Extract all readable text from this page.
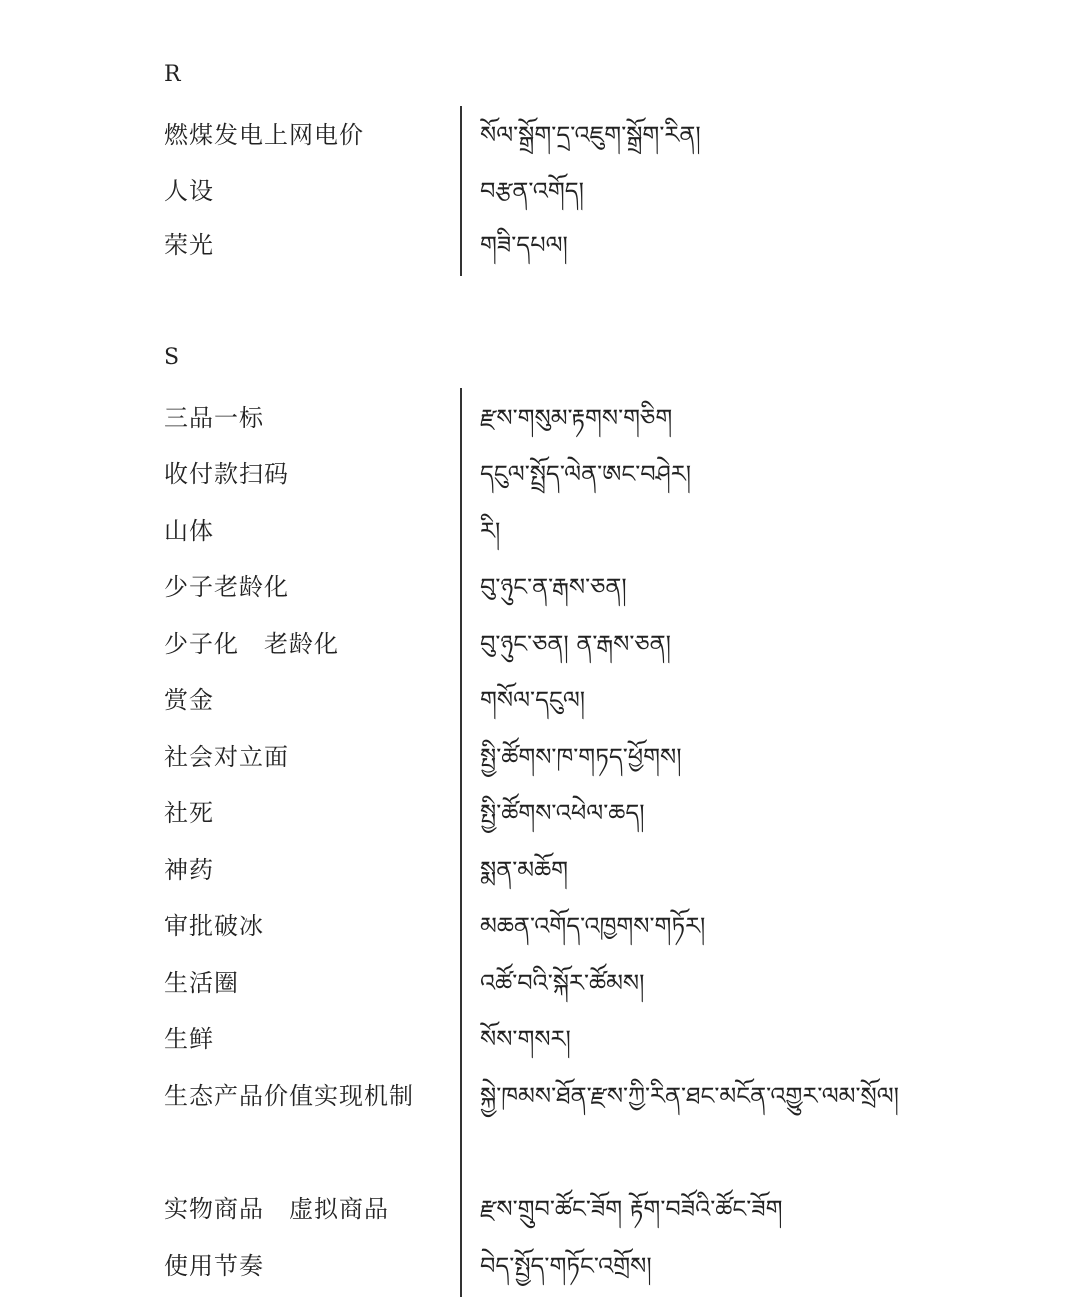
R
燃煤发电上网电价	སོལ་སྒྲོག་དྲ་འཇུག་སྒྲོག་རིན།
人设	བརྩན་འགོད།
荣光	གཟི་དཔལ།
S
三品一标	རྫས་གསུམ་རྟགས་གཅིག
收付款扫码	དངུལ་སྤྲོད་ལེན་ཨང་བཤེར།
山体	རི།
少子老龄化	བུ་ཉུང་ན་རྒས་ཅན།
少子化　老龄化	བུ་ཉུང་ཅན། ན་རྒས་ཅན།
赏金	གསོལ་དངུལ།
社会对立面	སྤྱི་ཚོགས་ཁ་གཏད་ཕྱོགས།
社死	སྤྱི་ཚོགས་འཕེལ་ཆད།
神药	སྨན་མཆོག
审批破冰	མཆན་འགོད་འཁྱགས་གཏོར།
生活圈	འཚོ་བའི་སྐོར་ཚོམས།
生鲜	སོས་གསར།
生态产品价值实现机制	སྐྱེ་ཁམས་ཐོན་རྫས་ཀྱི་རིན་ཐང་མངོན་འགྱུར་ལམ་སྲོལ།
实物商品　虚拟商品	རྫས་གྲུབ་ཚོང་ཟོག རྟོག་བཟོའི་ཚོང་ཟོག
使用节奏	བེད་སྤྱོད་གཏོང་འགྲོས།
